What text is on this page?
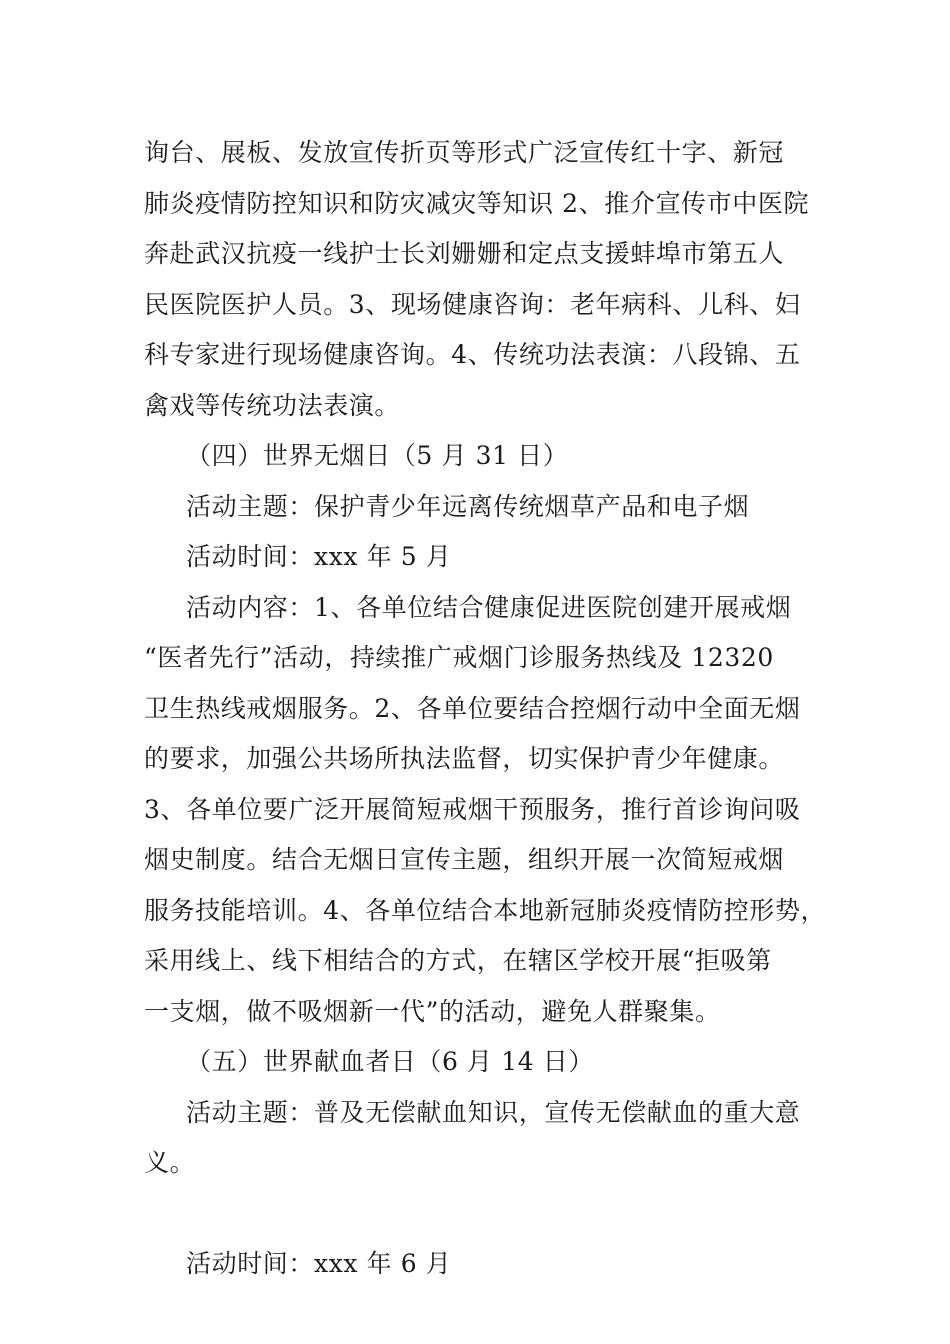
询台、展板、发放宣传折页等形式广泛宣传红十字、新冠
肺炎疫情防控知识和防灾减灾等知识 2、推介宣传市中医院
奔赴武汉抗疫一线护士长刘姗姗和定点支援蚌埠市第五人
民医院医护人员。3、现场健康咨询：老年病科、儿科、妇
科专家进行现场健康咨询。4、传统功法表演：八段锦、五
禽戏等传统功法表演。
（四）世界无烟日（5 月 31 日）
活动主题：保护青少年远离传统烟草产品和电子烟
活动时间：xxx 年 5 月
活动内容：1、各单位结合健康促进医院创建开展戒烟
“医者先行”活动，持续推广戒烟门诊服务热线及 12320
卫生热线戒烟服务。2、各单位要结合控烟行动中全面无烟
的要求，加强公共场所执法监督，切实保护青少年健康。
3、各单位要广泛开展简短戒烟干预服务，推行首诊询问吸
烟史制度。结合无烟日宣传主题，组织开展一次简短戒烟
服务技能培训。4、各单位结合本地新冠肺炎疫情防控形势，
采用线上、线下相结合的方式，在辖区学校开展“拒吸第
一支烟，做不吸烟新一代”的活动，避免人群聚集。
（五）世界献血者日（6 月 14 日）
活动主题：普及无偿献血知识，宣传无偿献血的重大意
义。
活动时间：xxx 年 6 月
